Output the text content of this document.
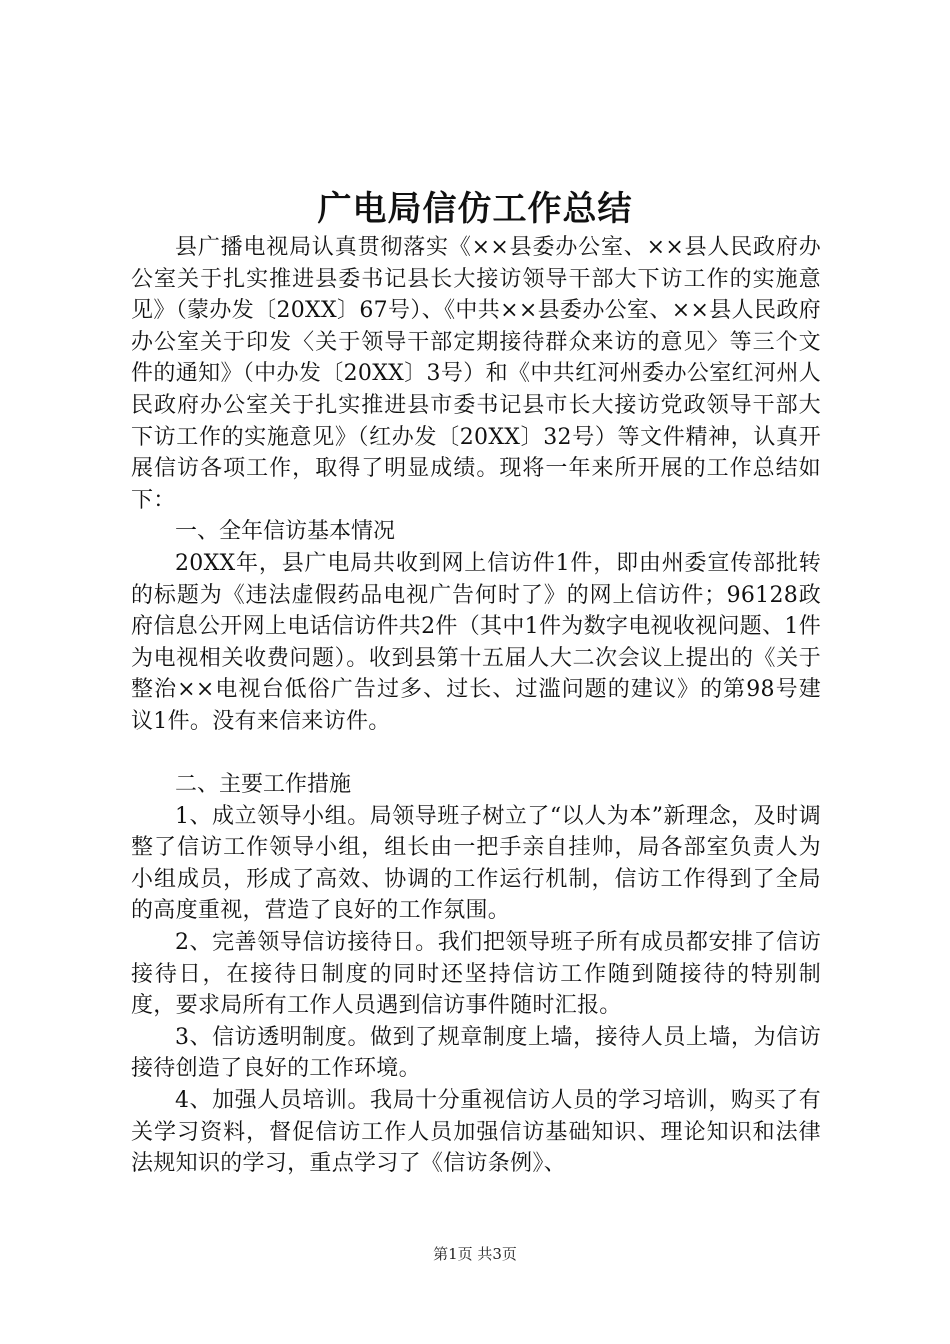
广电局信仿工作总结

县广播电视局认真贯彻落实《××县委办公室、××县人民政府办公室关于扎实推进县委书记县长大接访领导干部大下访工作的实施意见》（蒙办发〔20XX〕67号）、《中共××县委办公室、××县人民政府办公室关于印发〈关于领导干部定期接待群众来访的意见〉等三个文件的通知》（中办发〔20XX〕3号）和《中共红河州委办公室红河州人民政府办公室关于扎实推进县市委书记县市长大接访党政领导干部大下访工作的实施意见》（红办发〔20XX〕32号）等文件精神，认真开展信访各项工作，取得了明显成绩。现将一年来所开展的工作总结如下：

一、全年信访基本情况

20XX年，县广电局共收到网上信访件1件，即由州委宣传部批转的标题为《违法虚假药品电视广告何时了》的网上信访件；96128政府信息公开网上电话信访件共2件（其中1件为数字电视收视问题、1件为电视相关收费问题）。收到县第十五届人大二次会议上提出的《关于整治××电视台低俗广告过多、过长、过滥问题的建议》的第98号建议1件。没有来信来访件。

二、主要工作措施

1、成立领导小组。局领导班子树立了“以人为本”新理念，及时调整了信访工作领导小组，组长由一把手亲自挂帅，局各部室负责人为小组成员，形成了高效、协调的工作运行机制，信访工作得到了全局的高度重视，营造了良好的工作氛围。

2、完善领导信访接待日。我们把领导班子所有成员都安排了信访接待日，在接待日制度的同时还坚持信访工作随到随接待的特别制度，要求局所有工作人员遇到信访事件随时汇报。

3、信访透明制度。做到了规章制度上墙，接待人员上墙，为信访接待创造了良好的工作环境。

4、加强人员培训。我局十分重视信访人员的学习培训，购买了有关学习资料，督促信访工作人员加强信访基础知识、理论知识和法律法规知识的学习，重点学习了《信访条例》、

第1页 共3页
